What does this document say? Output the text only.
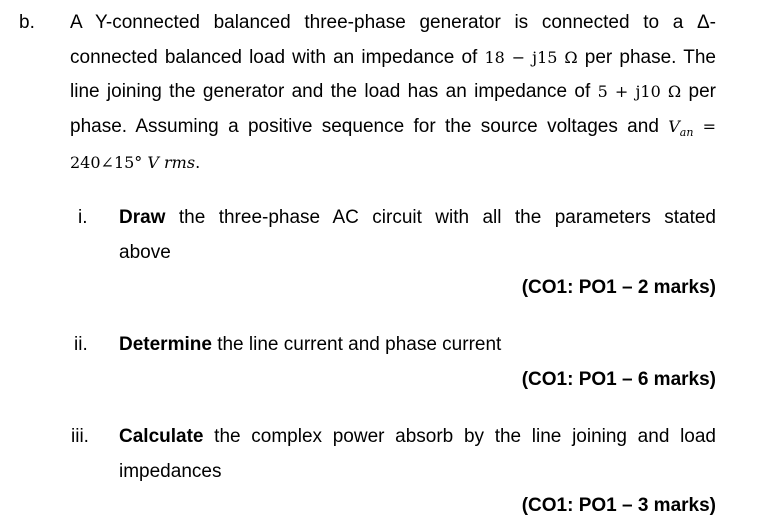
b. A Y-connected balanced three-phase generator is connected to a Δ-
connected balanced load with an impedance of 18 − j15 Ω per phase. The
line joining the generator and the load has an impedance of 5 + j10 Ω per
phase. Assuming a positive sequence for the source voltages and $V_{an}$ =
240∠15° V rms.
i. Draw the three-phase AC circuit with all the parameters stated
above
(CO1: PO1 – 2 marks)
ii. Determine the line current and phase current
(CO1: PO1 – 6 marks)
iii. Calculate the complex power absorb by the line joining and load
impedances
(CO1: PO1 – 3 marks)
